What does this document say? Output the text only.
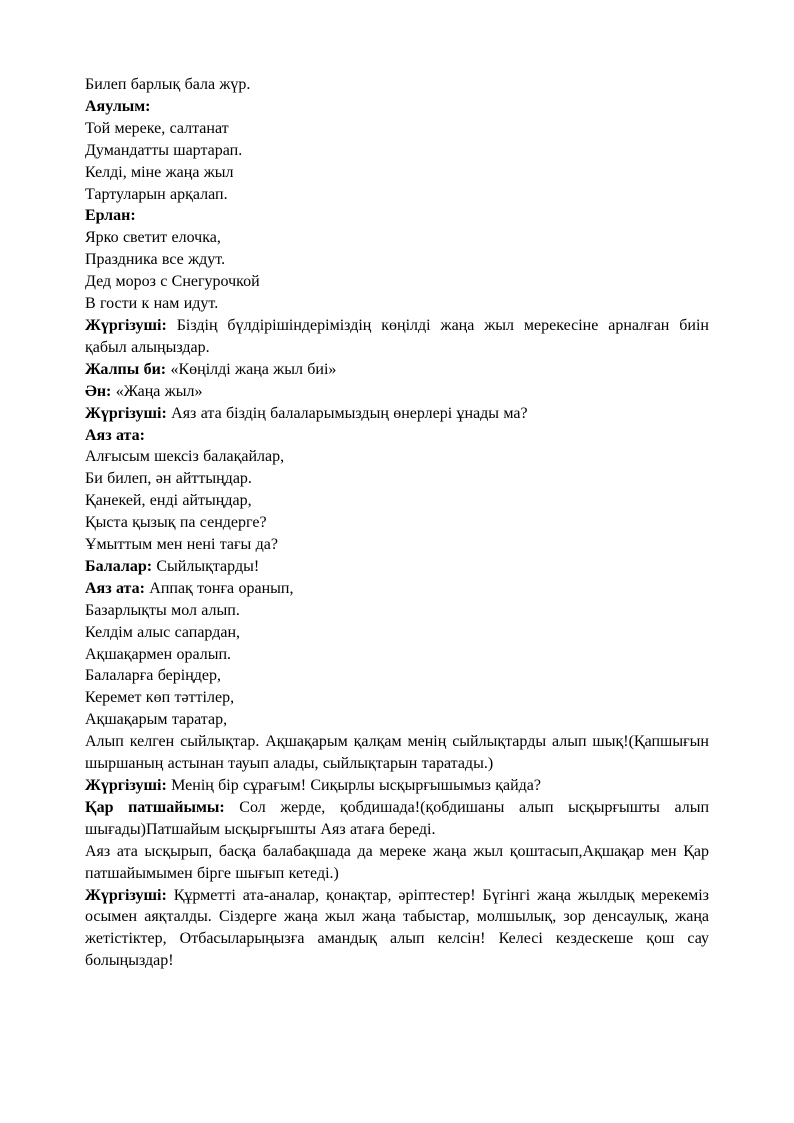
Билеп барлық бала жүр.

Аяулым:

Той мереке, салтанат

Думандатты шартарап.

Келді, міне жаңа жыл

Тартуларын арқалап.

Ерлан:

Ярко светит елочка,

Праздника все ждут.

Дед мороз с Снегурочкой

В гости к нам идут.

Жүргізуші: Біздің бүлдірішіндеріміздің көңілді жаңа жыл мерекесіне арналған биін қабыл алыңыздар.

Жалпы би: «Көңілді жаңа жыл биі»

Ән: «Жаңа жыл»

Жүргізуші: Аяз ата біздің балаларымыздың өнерлері ұнады ма?

Аяз ата:

Алғысым шексіз балақайлар,

Би билеп, ән айттыңдар.

Қанекей, енді айтыңдар,

Қыста қызық па сендерге?

Ұмыттым мен нені тағы да?

Балалар: Сыйлықтарды!

Аяз ата: Аппақ тонға оранып,

Базарлықты мол алып.

Келдім алыс сапардан,

Ақшақармен оралып.

Балаларға беріңдер,

Керемет көп тәттілер,

Ақшақарым таратар,

Алып келген сыйлықтар. Ақшақарым қалқам менің сыйлықтарды алып шық!(Қапшығын шыршаның астынан тауып алады, сыйлықтарын таратады.)

Жүргізуші: Менің бір сұрағым! Сиқырлы ысқырғышымыз қайда?

Қар патшайымы: Сол жерде, қобдишада!(қобдишаны алып ысқырғышты алып шығады)Патшайым ысқырғышты Аяз атаға береді.

Аяз ата ысқырып, басқа балабақшада да мереке жаңа жыл қоштасып,Ақшақар мен Қар патшайымымен бірге шығып кетеді.)

Жүргізуші: Құрметті ата-аналар, қонақтар, әріптестер! Бүгінгі жаңа жылдық мерекеміз осымен аяқталды. Сіздерге жаңа жыл жаңа табыстар, молшылық, зор денсаулық, жаңа жетістіктер, Отбасыларыңызға амандық алып келсін! Келесі кездескеше қош сау болыңыздар!
